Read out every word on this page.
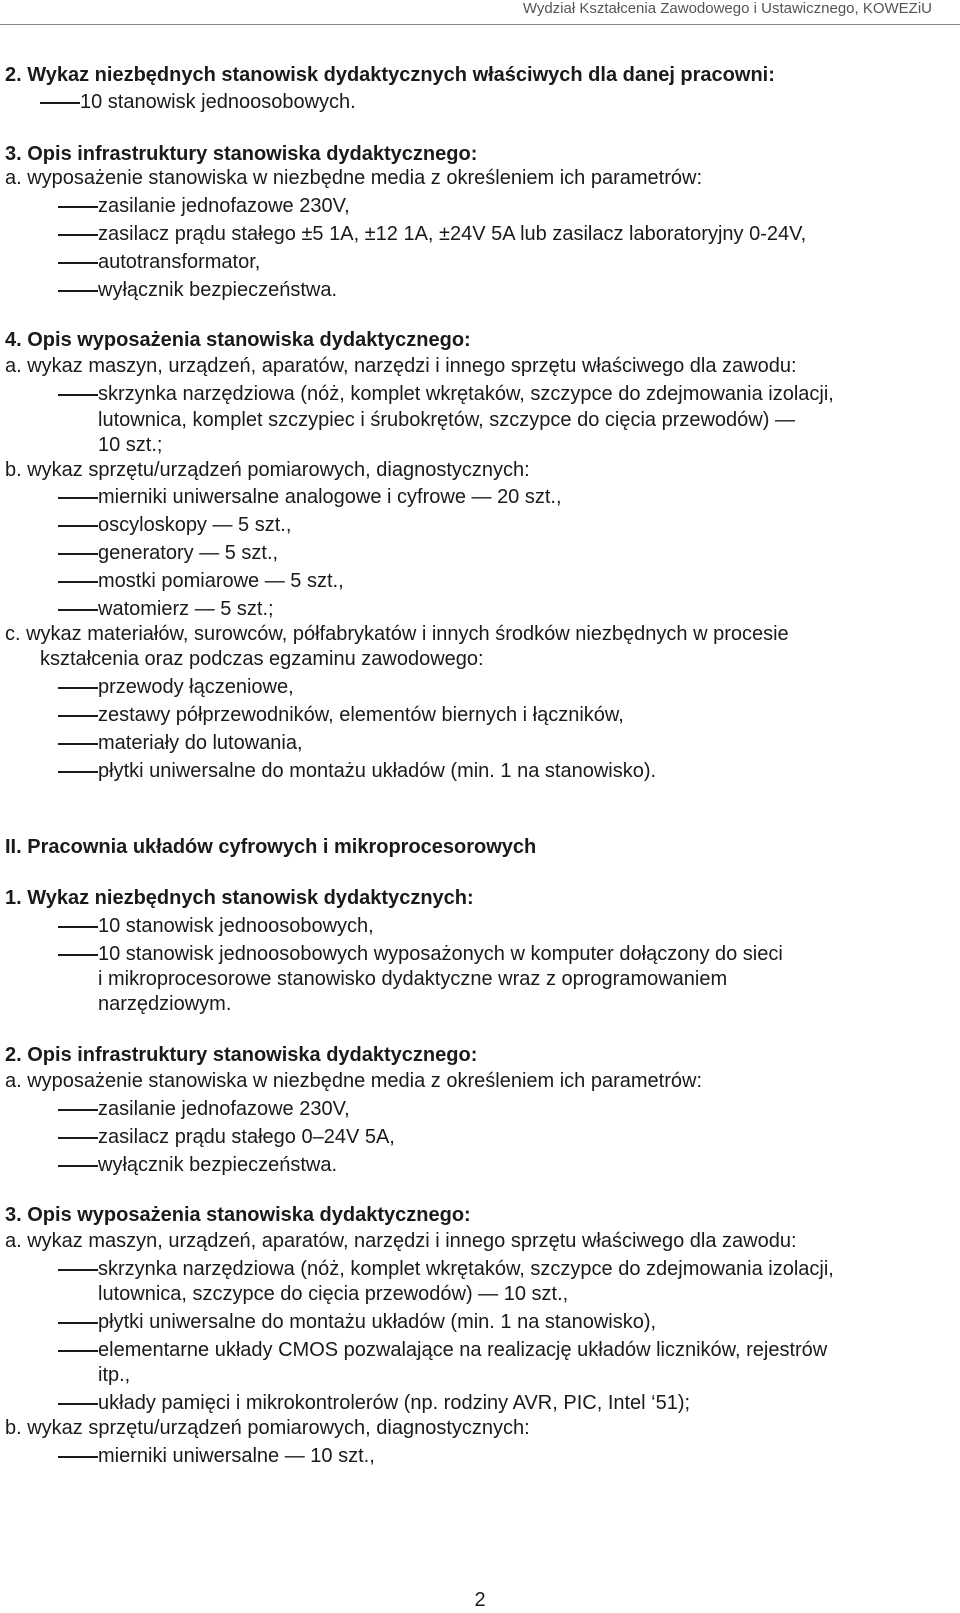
Wydział Kształcenia Zawodowego i Ustawicznego, KOWEZiU
2. Wykaz niezbędnych stanowisk dydaktycznych właściwych dla danej pracowni:
10 stanowisk jednoosobowych.
3. Opis infrastruktury stanowiska dydaktycznego:
a. wyposażenie stanowiska w niezbędne media z określeniem ich parametrów:
zasilanie jednofazowe 230V,
zasilacz prądu stałego ±5 1A, ±12 1A, ±24V 5A lub zasilacz laboratoryjny 0-24V,
autotransformator,
wyłącznik bezpieczeństwa.
4. Opis wyposażenia stanowiska dydaktycznego:
a. wykaz maszyn, urządzeń, aparatów, narzędzi i innego sprzętu właściwego dla zawodu:
skrzynka narzędziowa (nóż, komplet wkrętaków, szczypce do zdejmowania izolacji,
lutownica, komplet szczypiec i śrubokrętów, szczypce do cięcia przewodów) ―
10 szt.;
b. wykaz sprzętu/urządzeń pomiarowych, diagnostycznych:
mierniki uniwersalne analogowe i cyfrowe ― 20 szt.,
oscyloskopy ― 5 szt.,
generatory ― 5 szt.,
mostki pomiarowe ― 5 szt.,
watomierz ― 5 szt.;
c. wykaz materiałów, surowców, półfabrykatów i innych środków niezbędnych w procesie
kształcenia oraz podczas egzaminu zawodowego:
przewody łączeniowe,
zestawy półprzewodników, elementów biernych i łączników,
materiały do lutowania,
płytki uniwersalne do montażu układów (min. 1 na stanowisko).
II. Pracownia układów cyfrowych i mikroprocesorowych
1. Wykaz niezbędnych stanowisk dydaktycznych:
10 stanowisk jednoosobowych,
10 stanowisk jednoosobowych wyposażonych w komputer dołączony do sieci
i mikroprocesorowe stanowisko dydaktyczne wraz z oprogramowaniem
narzędziowym.
2. Opis infrastruktury stanowiska dydaktycznego:
a. wyposażenie stanowiska w niezbędne media z określeniem ich parametrów:
zasilanie jednofazowe 230V,
zasilacz prądu stałego 0–24V 5A,
wyłącznik bezpieczeństwa.
3. Opis wyposażenia stanowiska dydaktycznego:
a. wykaz maszyn, urządzeń, aparatów, narzędzi i innego sprzętu właściwego dla zawodu:
skrzynka narzędziowa (nóż, komplet wkrętaków, szczypce do zdejmowania izolacji,
lutownica, szczypce do cięcia przewodów) ― 10 szt.,
płytki uniwersalne do montażu układów (min. 1 na stanowisko),
elementarne układy CMOS pozwalające na realizację układów liczników, rejestrów
itp.,
układy pamięci i mikrokontrolerów (np. rodziny AVR, PIC, Intel ‘51);
b. wykaz sprzętu/urządzeń pomiarowych, diagnostycznych:
mierniki uniwersalne ― 10 szt.,
2
